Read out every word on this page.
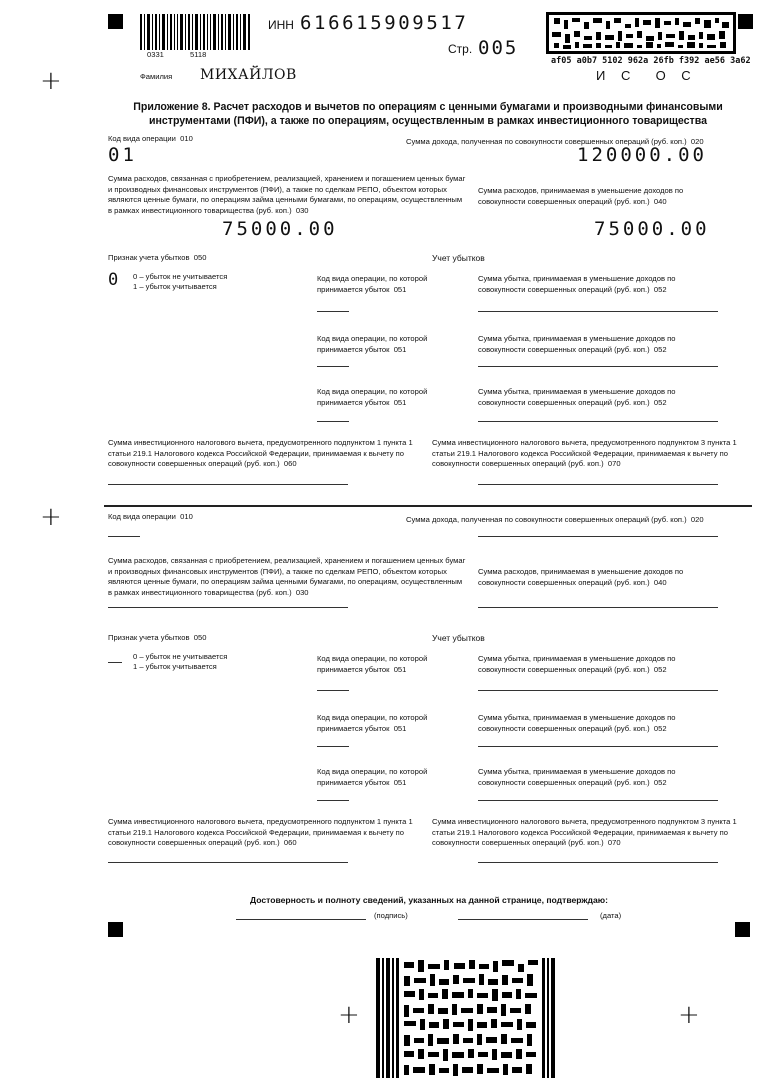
+
+
+	+
0331	5118
ИНН 616615909517
Стр. 005
af05 a0b7 5102 962a 26fb f392 ae56 3a62
И С  О С
Фамилия МИХАЙЛОВ
Приложение 8. Расчет расходов и вычетов по операциям с ценными бумагами и производными финансовыми инструментами (ПФИ), а также по операциям, осуществленным в рамках инвестиционного товарищества
Код вида операции 010	Сумма дохода, полученная по совокупности совершенных операций (руб. коп.) 020
01	120000.00
Сумма расходов, связанная с приобретением, реализацией, хранением и погашением ценных бумаг и производных финансовых инструментов (ПФИ), а также по сделкам РЕПО, объектом которых являются ценные бумаги, по операциям займа ценными бумагами, по операциям, осуществленным в рамках инвестиционного товарищества (руб. коп.) 030
Сумма расходов, принимаемая в уменьшение доходов по совокупности совершенных операций (руб. коп.) 040
75000.00	75000.00
Признак учета убытков 050	Учет убытков
0 0 – убыток не учитывается
1 – убыток учитывается
Код вида операции, по которой принимается убыток 051
Сумма убытка, принимаемая в уменьшение доходов по совокупности совершенных операций (руб. коп.) 052
Код вида операции, по которой принимается убыток 051
Сумма убытка, принимаемая в уменьшение доходов по совокупности совершенных операций (руб. коп.) 052
Код вида операции, по которой принимается убыток 051
Сумма убытка, принимаемая в уменьшение доходов по совокупности совершенных операций (руб. коп.) 052
Сумма инвестиционного налогового вычета, предусмотренного подпунктом 1 пункта 1 статьи 219.1 Налогового кодекса Российской Федерации, принимаемая к вычету по совокупности совершенных операций (руб. коп.) 060
Сумма инвестиционного налогового вычета, предусмотренного подпунктом 3 пункта 1 статьи 219.1 Налогового кодекса Российской Федерации, принимаемая к вычету по совокупности совершенных операций (руб. коп.) 070
Код вида операции 010	Сумма дохода, полученная по совокупности совершенных операций (руб. коп.) 020
Сумма расходов, связанная с приобретением, реализацией, хранением и погашением ценных бумаг и производных финансовых инструментов (ПФИ), а также по сделкам РЕПО, объектом которых являются ценные бумаги, по операциям займа ценными бумагами, по операциям, осуществленным в рамках инвестиционного товарищества (руб. коп.) 030
Сумма расходов, принимаемая в уменьшение доходов по совокупности совершенных операций (руб. коп.) 040
Признак учета убытков 050	Учет убытков
0 – убыток не учитывается
1 – убыток учитывается
Код вида операции, по которой принимается убыток 051
Сумма убытка, принимаемая в уменьшение доходов по совокупности совершенных операций (руб. коп.) 052
Код вида операции, по которой принимается убыток 051
Сумма убытка, принимаемая в уменьшение доходов по совокупности совершенных операций (руб. коп.) 052
Код вида операции, по которой принимается убыток 051
Сумма убытка, принимаемая в уменьшение доходов по совокупности совершенных операций (руб. коп.) 052
Сумма инвестиционного налогового вычета, предусмотренного подпунктом 1 пункта 1 статьи 219.1 Налогового кодекса Российской Федерации, принимаемая к вычету по совокупности совершенных операций (руб. коп.) 060
Сумма инвестиционного налогового вычета, предусмотренного подпунктом 3 пункта 1 статьи 219.1 Налогового кодекса Российской Федерации, принимаемая к вычету по совокупности совершенных операций (руб. коп.) 070
Достоверность и полноту сведений, указанных на данной странице, подтверждаю:
(подпись)	(дата)
